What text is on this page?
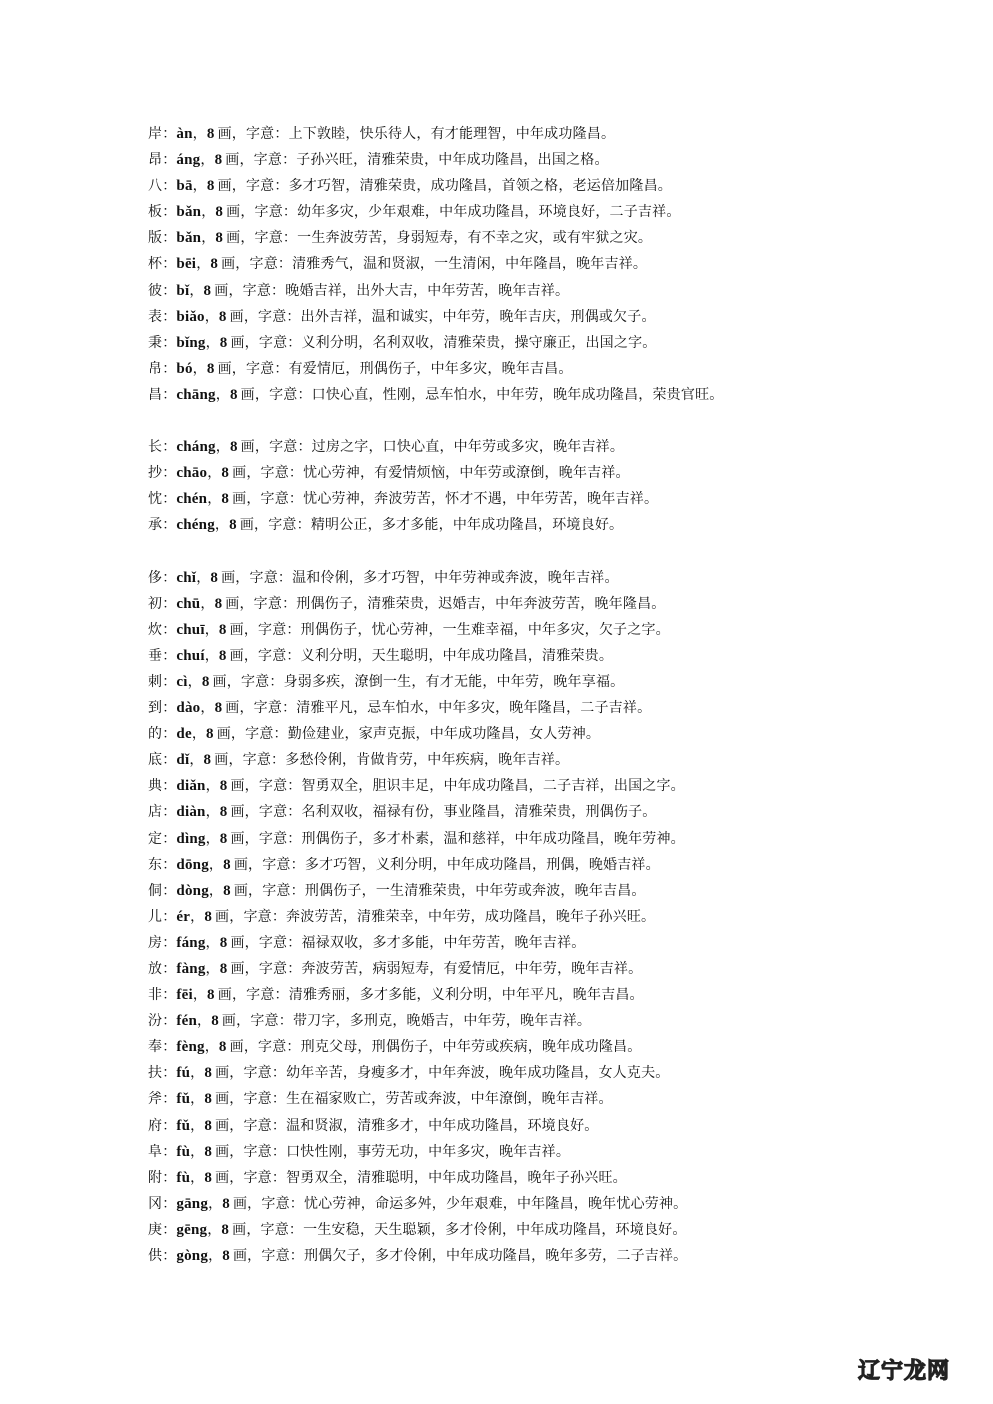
岸：àn，8 画，字意：上下敦睦，快乐待人，有才能理智，中年成功隆昌。
昂：áng，8 画，字意：子孙兴旺，清雅荣贵，中年成功隆昌，出国之格。
八：bā，8 画，字意：多才巧智，清雅荣贵，成功隆昌，首领之格，老运倍加隆昌。
板：bǎn，8 画，字意：幼年多灾，少年艰难，中年成功隆昌，环境良好，二子吉祥。
版：bǎn，8 画，字意：一生奔波劳苦，身弱短寿，有不幸之灾，或有牢狱之灾。
杯：bēi，8 画，字意：清雅秀气，温和贤淑，一生清闲，中年隆昌，晚年吉祥。
彼：bǐ，8 画，字意：晚婚吉祥，出外大吉，中年劳苦，晚年吉祥。
表：biǎo，8 画，字意：出外吉祥，温和诚实，中年劳，晚年吉庆，刑偶或欠子。
秉：bǐng，8 画，字意：义利分明，名利双收，清雅荣贵，操守廉正，出国之字。
帛：bó，8 画，字意：有爱情厄，刑偶伤子，中年多灾，晚年吉昌。
昌：chāng，8 画，字意：口快心直，性刚，忌车怕水，中年劳，晚年成功隆昌，荣贵官旺。
长：cháng，8 画，字意：过房之字，口快心直，中年劳或多灾，晚年吉祥。
抄：chāo，8 画，字意：忧心劳神，有爱情烦恼，中年劳或潦倒，晚年吉祥。
忱：chén，8 画，字意：忧心劳神，奔波劳苦，怀才不遇，中年劳苦，晚年吉祥。
承：chéng，8 画，字意：精明公正，多才多能，中年成功隆昌，环境良好。
侈：chǐ，8 画，字意：温和伶俐，多才巧智，中年劳神或奔波，晚年吉祥。
初：chū，8 画，字意：刑偶伤子，清雅荣贵，迟婚吉，中年奔波劳苦，晚年隆昌。
炊：chuī，8 画，字意：刑偶伤子，忧心劳神，一生难幸福，中年多灾，欠子之字。
垂：chuí，8 画，字意：义利分明，天生聪明，中年成功隆昌，清雅荣贵。
刺：cì，8 画，字意：身弱多疾，潦倒一生，有才无能，中年劳，晚年享福。
到：dào，8 画，字意：清雅平凡，忌车怕水，中年多灾，晚年隆昌，二子吉祥。
的：de，8 画，字意：勤俭建业，家声克振，中年成功隆昌，女人劳神。
底：dǐ，8 画，字意：多愁伶俐，肯做肯劳，中年疾病，晚年吉祥。
典：diǎn，8 画，字意：智勇双全，胆识丰足，中年成功隆昌，二子吉祥，出国之字。
店：diàn，8 画，字意：名利双收，福禄有份，事业隆昌，清雅荣贵，刑偶伤子。
定：dìng，8 画，字意：刑偶伤子，多才朴素，温和慈祥，中年成功隆昌，晚年劳神。
东：dōng，8 画，字意：多才巧智，义利分明，中年成功隆昌，刑偶，晚婚吉祥。
侗：dòng，8 画，字意：刑偶伤子，一生清雅荣贵，中年劳或奔波，晚年吉昌。
儿：ér，8 画，字意：奔波劳苦，清雅荣幸，中年劳，成功隆昌，晚年子孙兴旺。
房：fáng，8 画，字意：福禄双收，多才多能，中年劳苦，晚年吉祥。
放：fàng，8 画，字意：奔波劳苦，病弱短寿，有爱情厄，中年劳，晚年吉祥。
非：fēi，8 画，字意：清雅秀丽，多才多能，义利分明，中年平凡，晚年吉昌。
汾：fén，8 画，字意：带刀字，多刑克，晚婚吉，中年劳，晚年吉祥。
奉：fèng，8 画，字意：刑克父母，刑偶伤子，中年劳或疾病，晚年成功隆昌。
扶：fú，8 画，字意：幼年辛苦，身瘦多才，中年奔波，晚年成功隆昌，女人克夫。
斧：fǔ，8 画，字意：生在福家败亡，劳苦或奔波，中年潦倒，晚年吉祥。
府：fǔ，8 画，字意：温和贤淑，清雅多才，中年成功隆昌，环境良好。
阜：fù，8 画，字意：口快性刚，事劳无功，中年多灾，晚年吉祥。
附：fù，8 画，字意：智勇双全，清雅聪明，中年成功隆昌，晚年子孙兴旺。
冈：gāng，8 画，字意：忧心劳神，命运多舛，少年艰难，中年隆昌，晚年忧心劳神。
庚：gēng，8 画，字意：一生安稳，天生聪颖，多才伶俐，中年成功隆昌，环境良好。
供：gòng，8 画，字意：刑偶欠子，多才伶俐，中年成功隆昌，晚年多劳，二子吉祥。
辽宁龙网
